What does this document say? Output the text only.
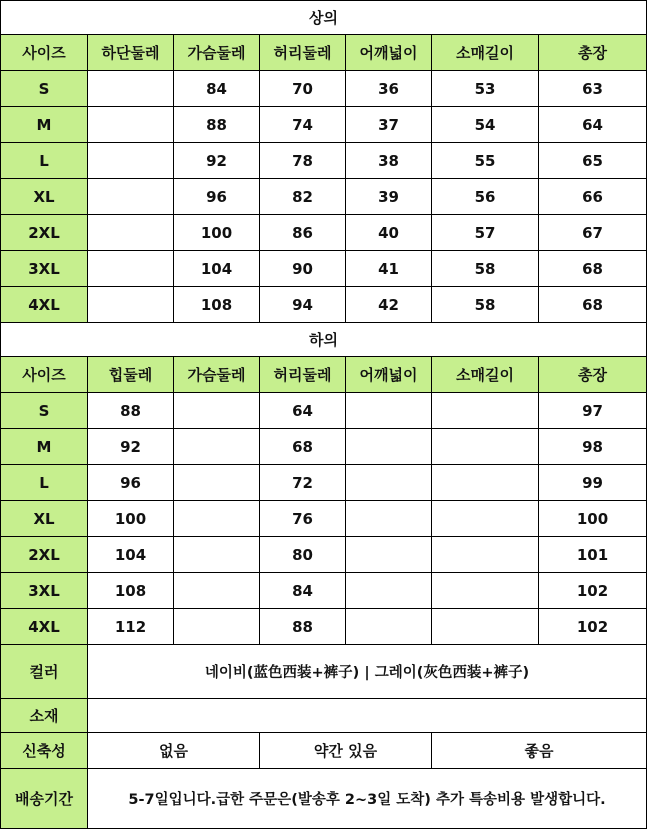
상의						
사이즈	하단둘레	가슴둘레	허리둘레	어깨넓이	소매길이	총장
S		84	70	36	53	63
M		88	74	37	54	64
L		92	78	38	55	65
XL		96	82	39	56	66
2XL		100	86	40	57	67
3XL		104	90	41	58	68
4XL		108	94	42	58	68
하의						
사이즈	힙둘레	가슴둘레	허리둘레	어깨넓이	소매길이	총장
S	88		64			97
M	92		68			98
L	96		72			99
XL	100		76			100
2XL	104		80			101
3XL	108		84			102
4XL	112		88			102
컬러	네이비(蓝色西装+裤子) | 그레이(灰色西装+裤子)					
소재						
신축성	없음		약간 있음		좋음	
배송기간	5-7일입니다.급한 주문은(발송후 2~3일 도착) 추가 특송비용 발생합니다.					
